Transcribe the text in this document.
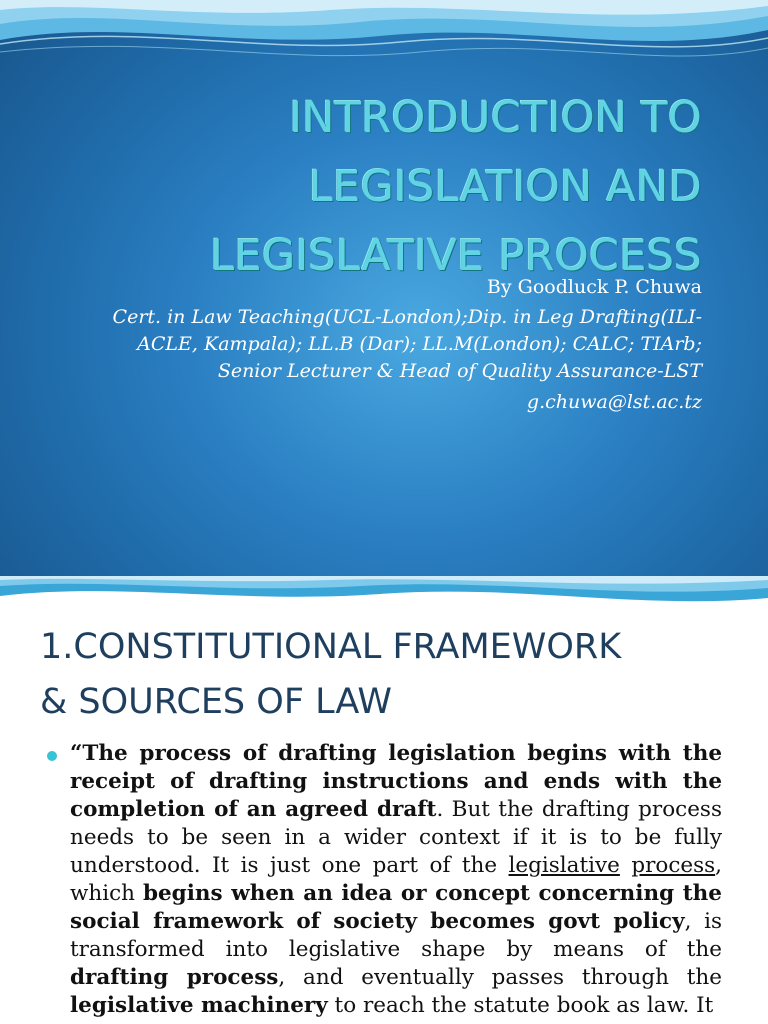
INTRODUCTION TO
LEGISLATION AND
LEGISLATIVE PROCESS

By Goodluck P. Chuwa

Cert. in Law Teaching(UCL-London);Dip. in Leg Drafting(ILI-
ACLE, Kampala); LL.B (Dar); LL.M(London); CALC; TIArb;
Senior Lecturer & Head of Quality Assurance-LST

g.chuwa@lst.ac.tz

1.CONSTITUTIONAL FRAMEWORK
& SOURCES OF LAW

“The process of drafting legislation begins with the receipt of drafting instructions and ends with the completion of an agreed draft. But the drafting process needs to be seen in a wider context if it is to be fully understood. It is just one part of the legislative process, which begins when an idea or concept concerning the social framework of society becomes govt policy, is transformed into legislative shape by means of the drafting process, and eventually passes through the legislative machinery to reach the statute book as law. It
